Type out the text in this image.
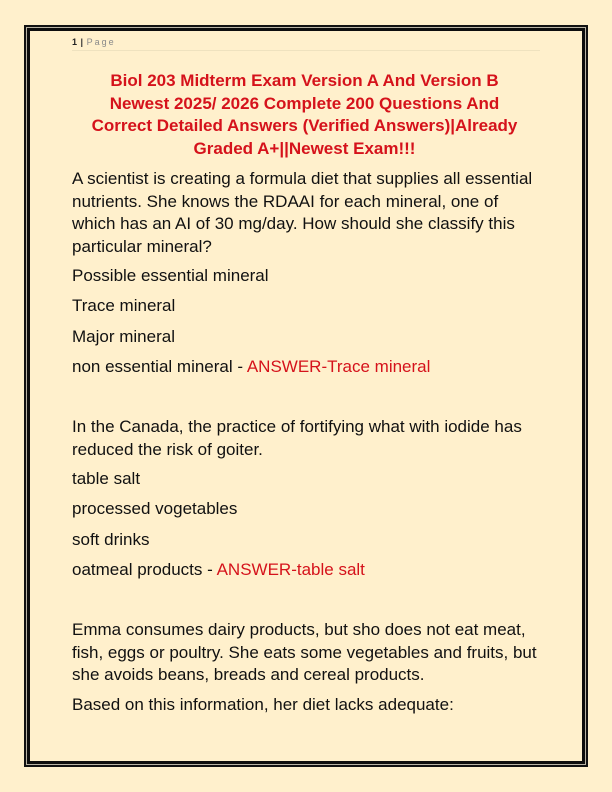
1 | Page
Biol 203 Midterm Exam Version A And Version B
Newest 2025/ 2026 Complete 200 Questions And
Correct Detailed Answers (Verified Answers)|Already
Graded A+||Newest Exam!!!

A scientist is creating a formula diet that supplies all essential nutrients. She knows the RDAAI for each mineral, one of which has an AI of 30 mg/day. How should she classify this particular mineral?

Possible essential mineral

Trace mineral

Major mineral

non essential mineral - ANSWER-Trace mineral

In the Canada, the practice of fortifying what with iodide has reduced the risk of goiter.

table salt

processed vogetables

soft drinks

oatmeal products - ANSWER-table salt

Emma consumes dairy products, but sho does not eat meat, fish, eggs or poultry. She eats some vegetables and fruits, but she avoids beans, breads and cereal products.

Based on this information, her diet lacks adequate:
